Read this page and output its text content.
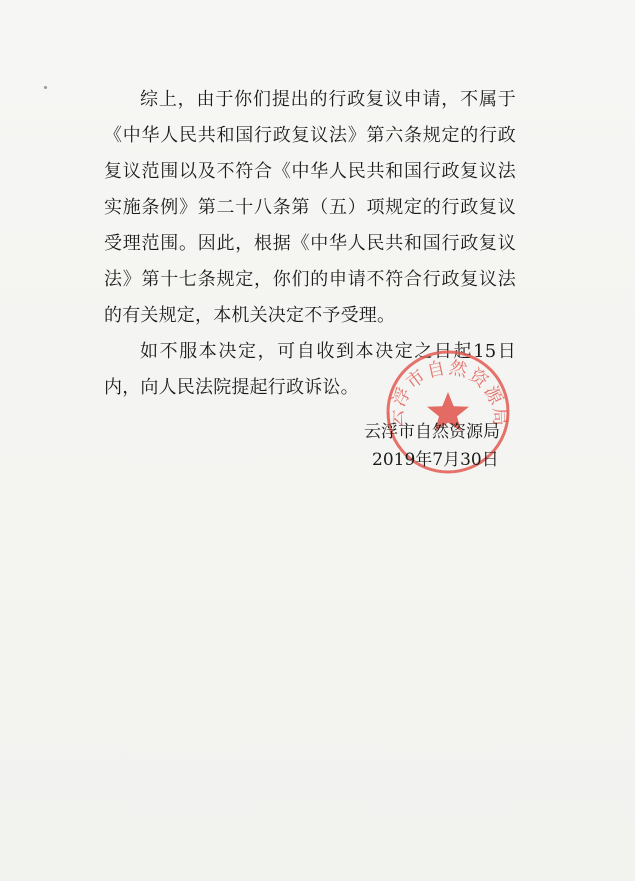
综上，由于你们提出的行政复议申请，不属于《中华人民共和国行政复议法》第六条规定的行政复议范围以及不符合《中华人民共和国行政复议法实施条例》第二十八条第（五）项规定的行政复议受理范围。因此，根据《中华人民共和国行政复议法》第十七条规定，你们的申请不符合行政复议法的有关规定，本机关决定不予受理。

如不服本决定，可自收到本决定之日起15日内，向人民法院提起行政诉讼。

云浮市自然资源局
云浮市自然资源局
2019年7月30日
